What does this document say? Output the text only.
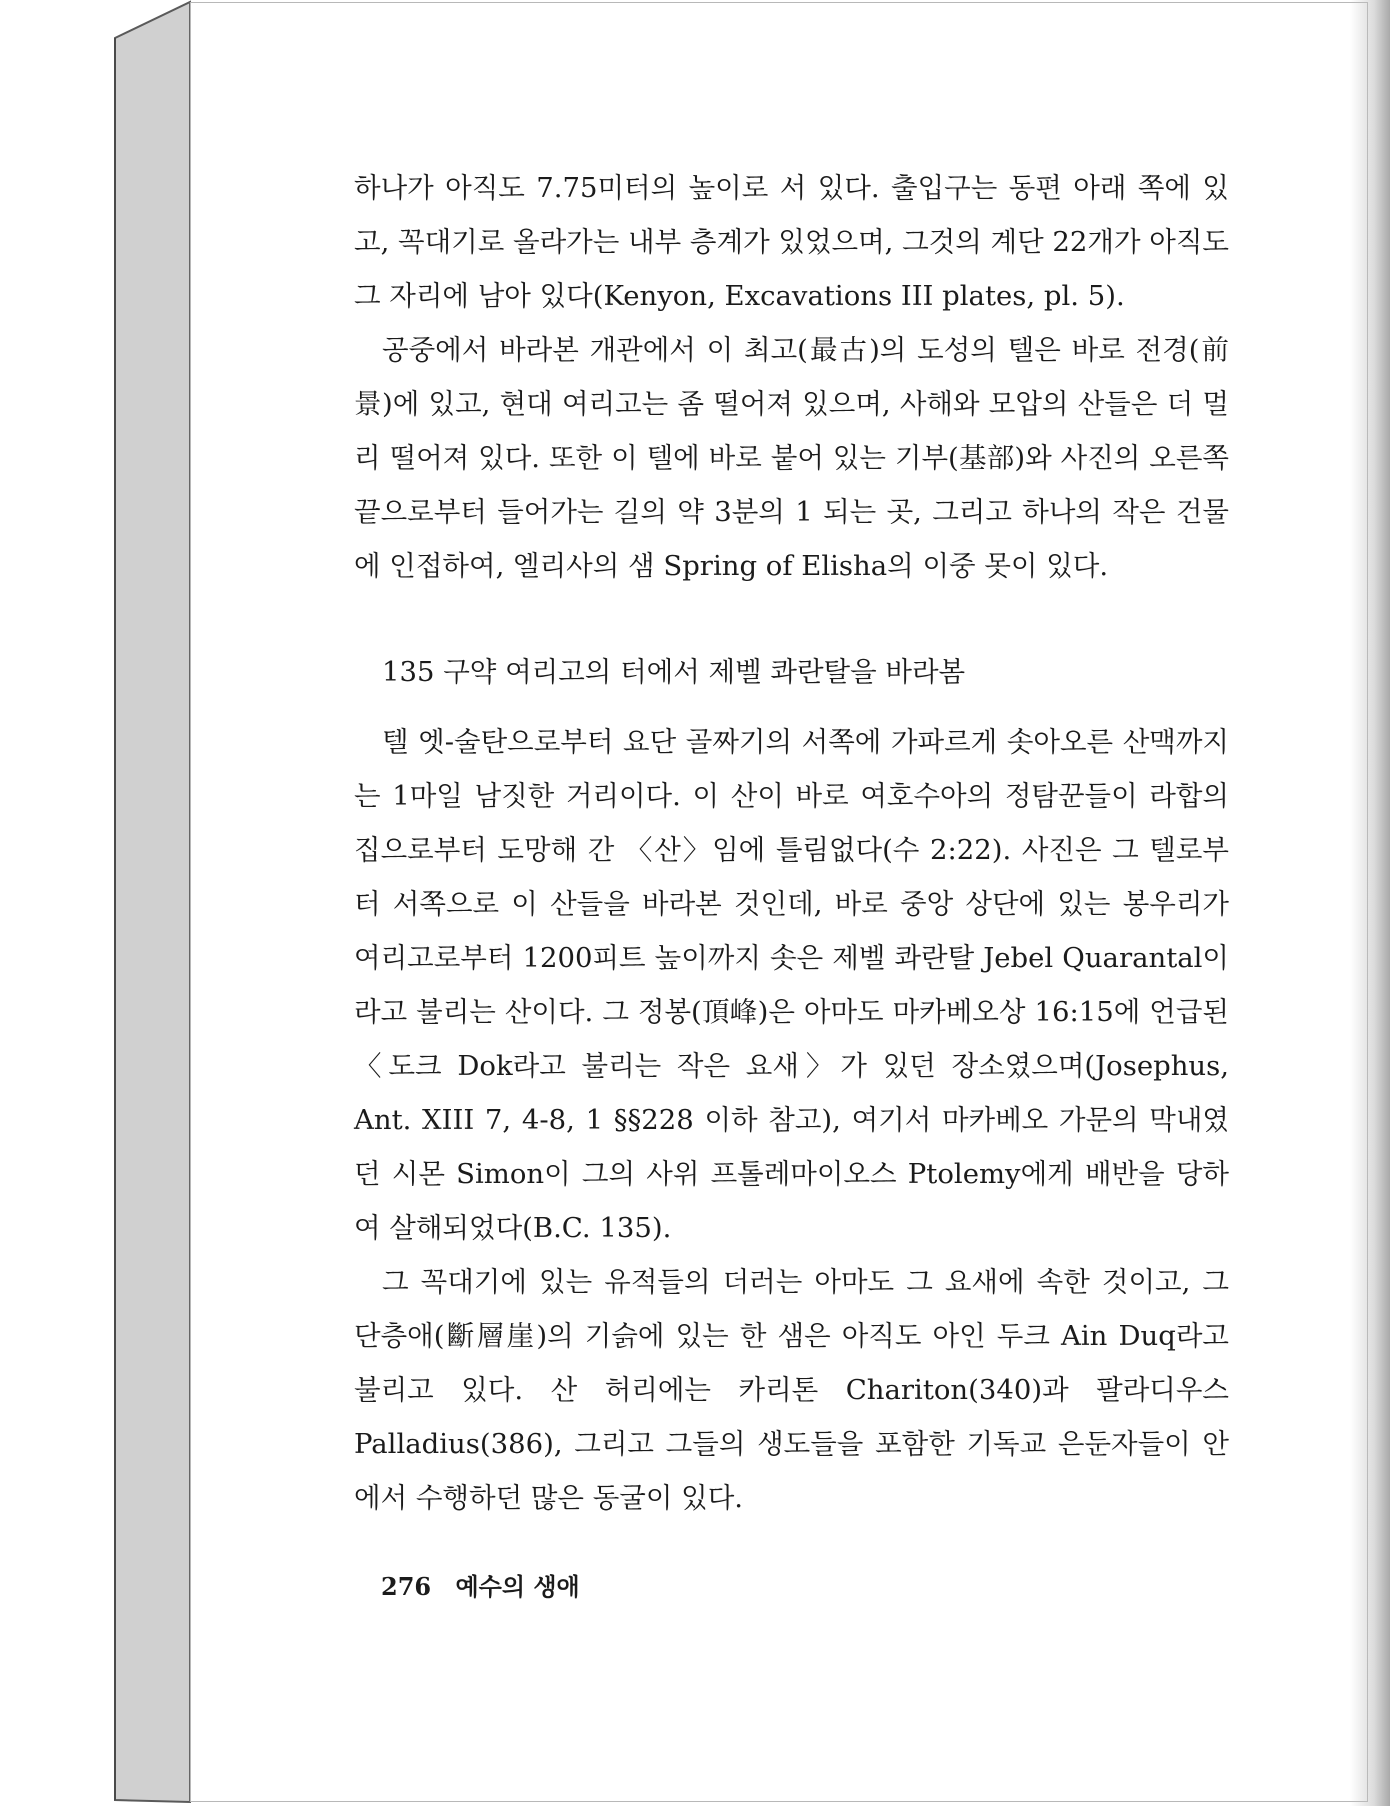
하나가 아직도 7.75미터의 높이로 서 있다. 출입구는 동편 아래 쪽에 있고, 꼭대기로 올라가는 내부 층계가 있었으며, 그것의 계단 22개가 아직도 그 자리에 남아 있다(Kenyon, Excavations III plates, pl. 5).

공중에서 바라본 개관에서 이 최고(最古)의 도성의 텔은 바로 전경(前景)에 있고, 현대 여리고는 좀 떨어져 있으며, 사해와 모압의 산들은 더 멀리 떨어져 있다. 또한 이 텔에 바로 붙어 있는 기부(基部)와 사진의 오른쪽 끝으로부터 들어가는 길의 약 3분의 1 되는 곳, 그리고 하나의 작은 건물에 인접하여, 엘리사의 샘 Spring of Elisha의 이중 못이 있다.

135 구약 여리고의 터에서 제벨 콰란탈을 바라봄

텔 엣-술탄으로부터 요단 골짜기의 서쪽에 가파르게 솟아오른 산맥까지는 1마일 남짓한 거리이다. 이 산이 바로 여호수아의 정탐꾼들이 라합의 집으로부터 도망해 간 〈산〉임에 틀림없다(수 2:22). 사진은 그 텔로부터 서쪽으로 이 산들을 바라본 것인데, 바로 중앙 상단에 있는 봉우리가 여리고로부터 1200피트 높이까지 솟은 제벨 콰란탈 Jebel Quarantal이라고 불리는 산이다. 그 정봉(頂峰)은 아마도 마카베오상 16:15에 언급된 〈도크 Dok라고 불리는 작은 요새〉가 있던 장소였으며(Josephus, Ant. XIII 7, 4-8, 1 §§228 이하 참고), 여기서 마카베오 가문의 막내였던 시몬 Simon이 그의 사위 프톨레마이오스 Ptolemy에게 배반을 당하여 살해되었다(B.C. 135).

그 꼭대기에 있는 유적들의 더러는 아마도 그 요새에 속한 것이고, 그 단층애(斷層崖)의 기슭에 있는 한 샘은 아직도 아인 두크 Ain Duq라고 불리고 있다. 산 허리에는 카리톤 Chariton(340)과 팔라디우스 Palladius(386), 그리고 그들의 생도들을 포함한 기독교 은둔자들이 안에서 수행하던 많은 동굴이 있다.

276 예수의 생애
